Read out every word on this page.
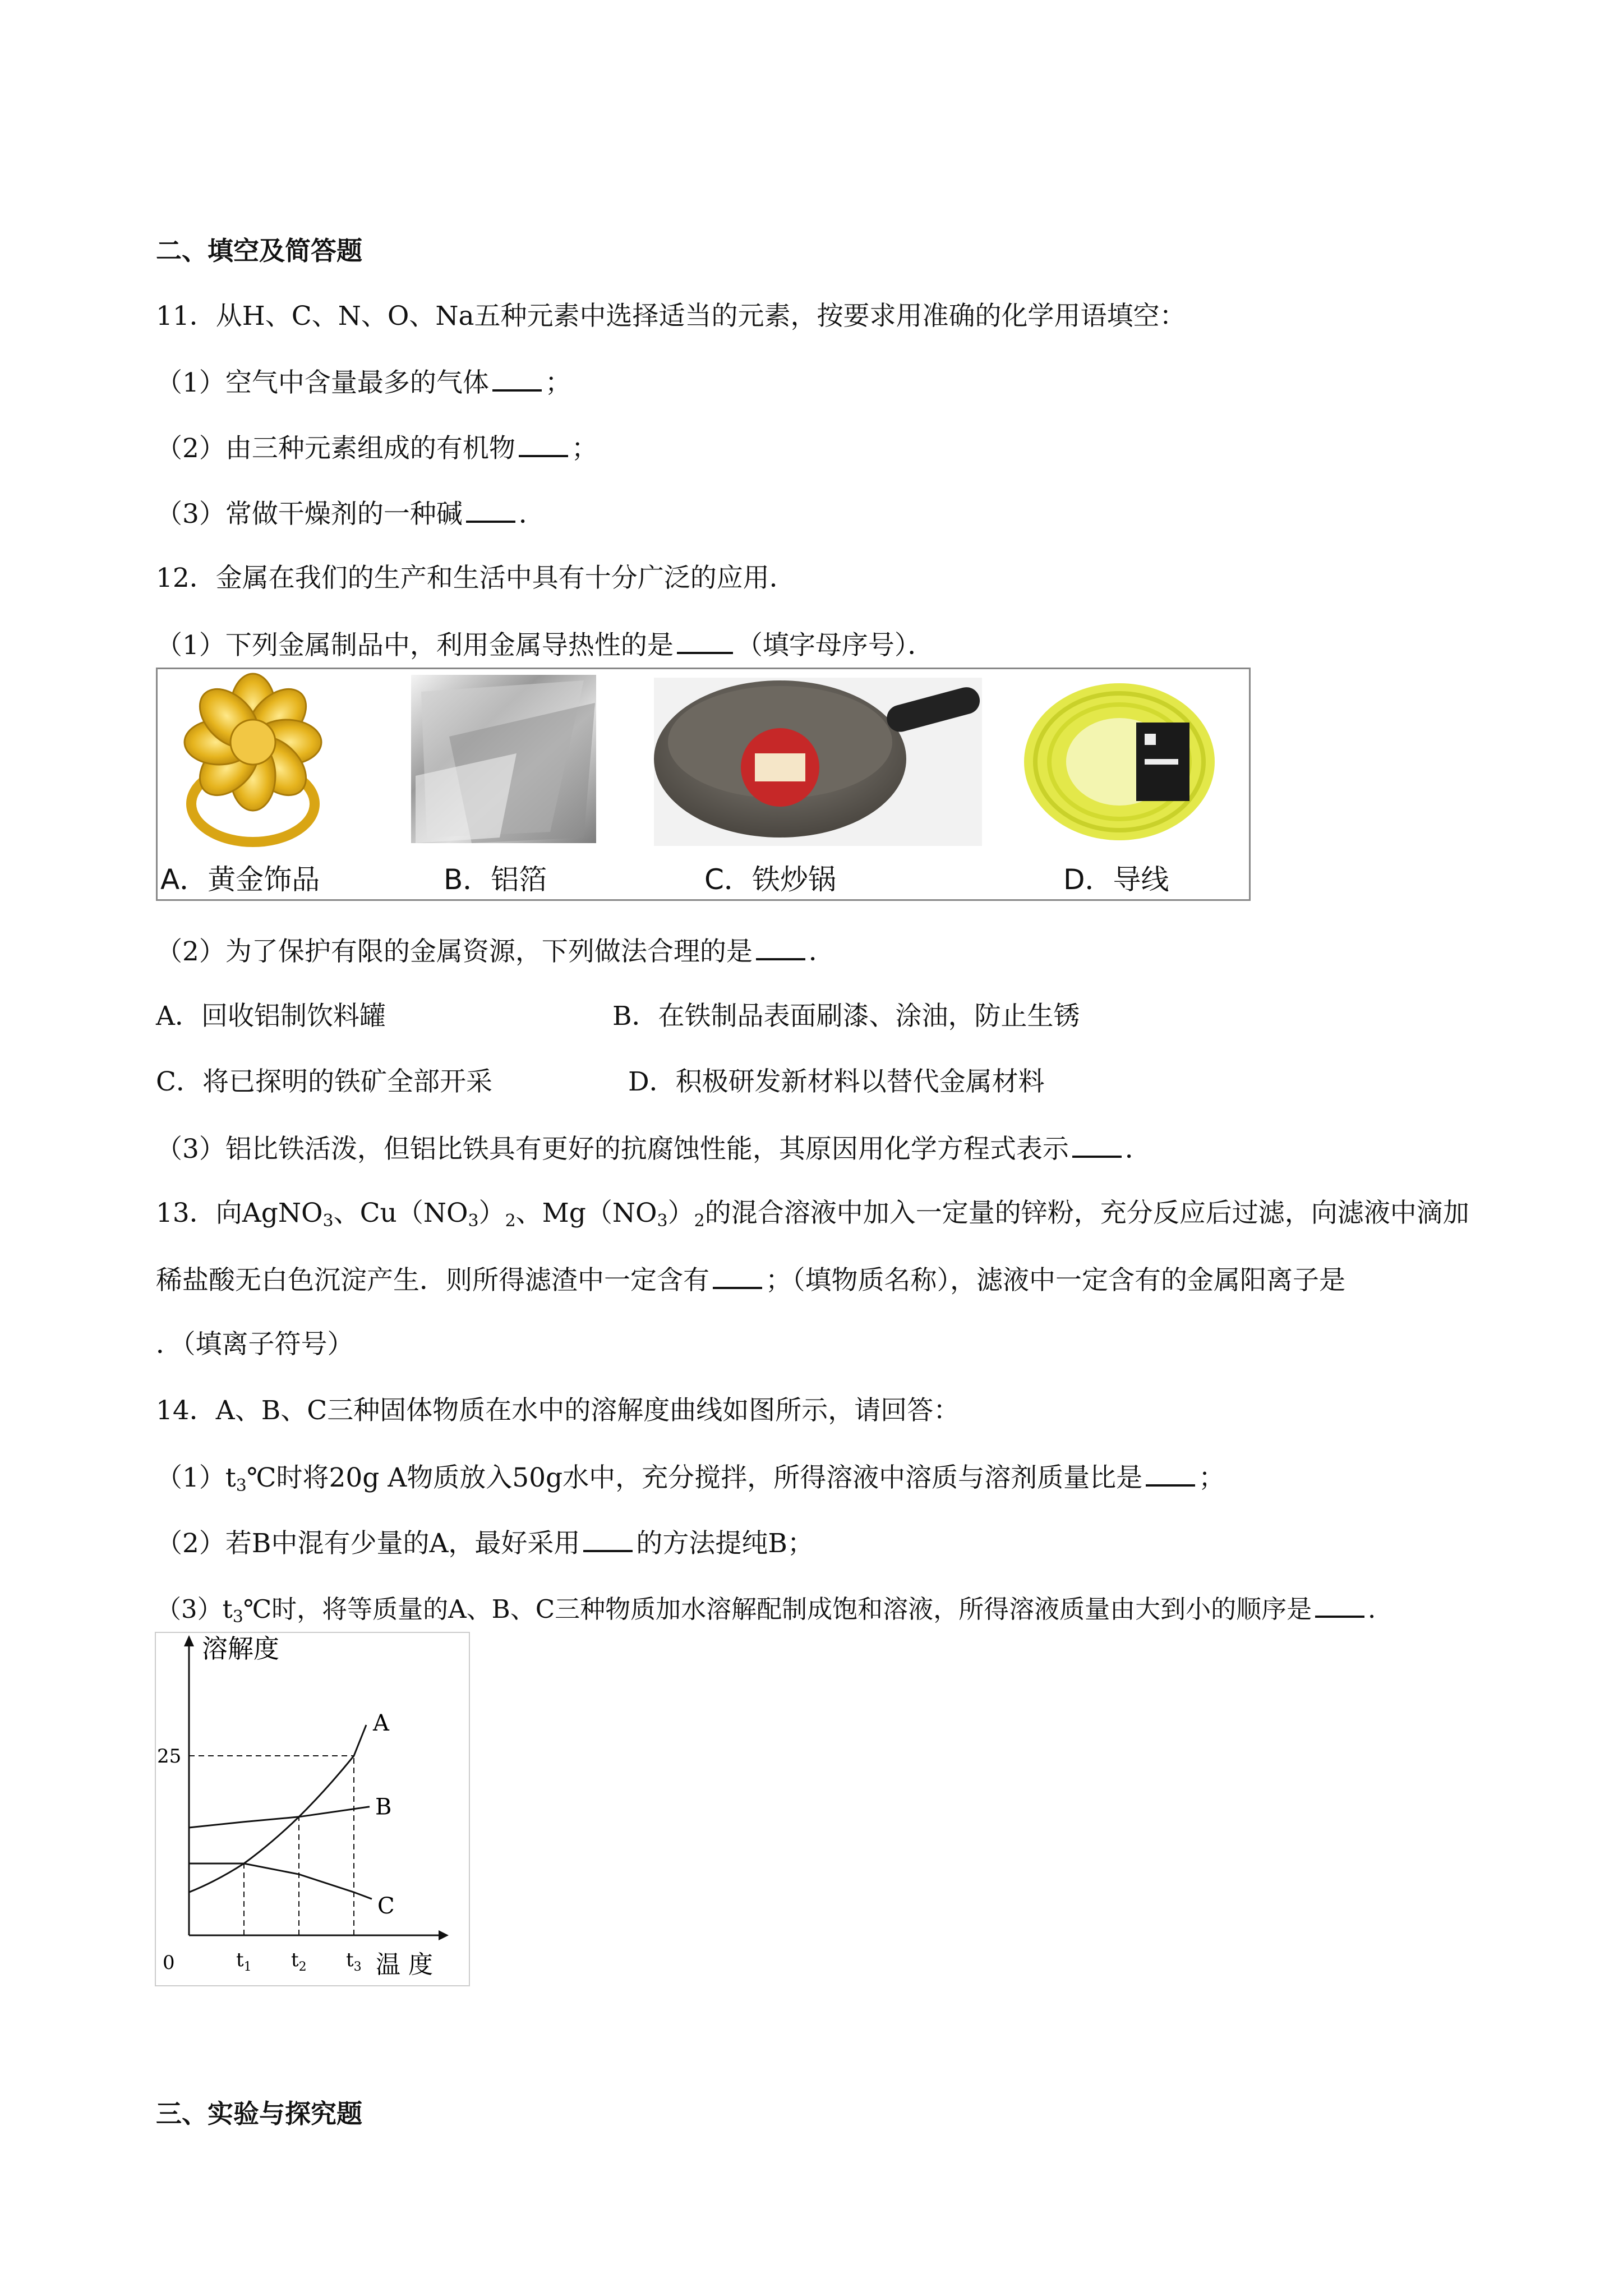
二、填空及简答题
11．从H、C、N、O、Na五种元素中选择适当的元素，按要求用准确的化学用语填空：
（1）空气中含量最多的气体 ；
（2）由三种元素组成的有机物 ；
（3）常做干燥剂的一种碱 ．
12．金属在我们的生产和生活中具有十分广泛的应用．
（1）下列金属制品中，利用金属导热性的是 （填字母序号）．
A．黄金饰品	B．铝箔	C．铁炒锅	D．导线
（2）为了保护有限的金属资源，下列做法合理的是 ．
A．回收铝制饮料罐	B．在铁制品表面刷漆、涂油，防止生锈
C．将已探明的铁矿全部开采	D．积极研发新材料以替代金属材料
（3）铝比铁活泼，但铝比铁具有更好的抗腐蚀性能，其原因用化学方程式表示 ．
13．向AgNO$_3$、$Cu(NO_3)_2$、$Mg(NO_3)_2$的混合溶液中加入一定量的锌粉，充分反应后过滤，向滤液中滴加
稀盐酸无白色沉淀产生．则所得滤渣中一定含有 ；（填物质名称），滤液中一定含有的金属阳离子是
．（填离子符号）
14．A、B、C三种固体物质在水中的溶解度曲线如图所示，请回答：
$(1)t_3℃$时将20g A物质放入50g水中，充分搅拌，所得溶液中溶质与溶剂质量比是 ；
（2）若B中混有少量的A，最好采用 的方法提纯B；
$(3)t_3℃$时，将等质量的A、B、C三种物质加水溶解配制成饱和溶液，所得溶液质量由大到小的顺序是 ．
溶解度
0	温 度
25
$t_1$ $t_2$ $t_3$
A
B
C
三、实验与探究题
